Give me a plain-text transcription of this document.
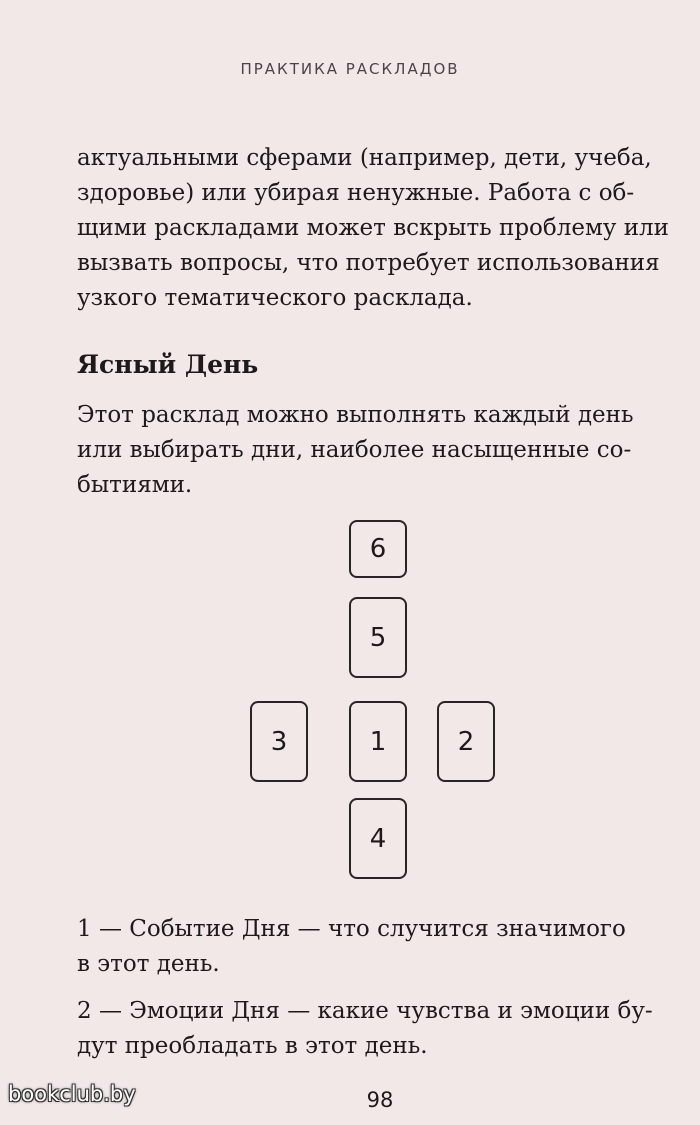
ПРАКТИКА РАСКЛАДОВ

актуальными сферами (например, дети, учеба,
здоровье) или убирая ненужные. Работа с об-
щими раскладами может вскрыть проблему или
вызвать вопросы, что потребует использования
узкого тематического расклада.

Ясный День

Этот расклад можно выполнять каждый день
или выбирать дни, наиболее насыщенные со-
бытиями.

6
5
3	1	2
4

1 — Событие Дня — что случится значимого
в этот день.

2 — Эмоции Дня — какие чувства и эмоции бу-
дут преобладать в этот день.

bookclub.by	98
